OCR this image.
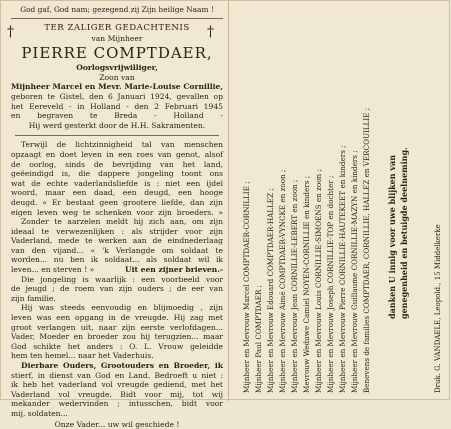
God gaf, God nam; gezegend zij Zijn heilige Naam !
†	†
TER ZALIGER GEDACHTENIS
van Mijnheer
PIERRE COMPTDAER,
Oorlogsvrijwilliger,
Zoon van
Mijnheer Marcel en Mevr. Marie-Louise Cornillie,
geboren te Gistel, den 6 Januari 1924, gevallen op
het Eereveld - in Holland - den 2 Februari 1945
en begraven te Breda - Holland -
Hij werd gesterkt door de H.H. Sakramenten.
Terwijl de lichtzinnigheid tal van menschen
opzaagt en doet leven in een roes van genot, alsof
de oorlog, sinds de bevrijding van het land,
geëeindigd is, die dappere jongeling toont ons
wat de echte vaderlandsliefde is : niet een ijdel
woord, maar een daad, een deugd, een hooge
deugd. « Er bestaat geen grootere liefde, dan zijn
eigen leven weg te schenken voor zijn broeders. »
Zonder te aarzelen meldt hij zich aan, om zijn
ideaal te verwezenlijken : als strijder voor zijn
Vaderland, mede te werken aan de eindnederlaag
van den vijand... « 'k Verlangde om soldaat te
worden... nu ben ik soldaat... als soldaat wil ik
leven... en sterven ! »	Uit een zijner brieven.-
Die jongeling is waarlijk : een voorbeeld voor
de jeugd ; de roem van zijn ouders ; de eer van
zijn familie.
Hij was steeds eenvoudig en blijmoedig , zijn
leven was een opgang in de vreugde. Hij zag met
groot verlangen uit, naar zijn eerste verlofdagen...
Vader, Moeder en broeder zou hij terugzien... maar
God schikte het anders : O. L. Vrouw geleidde
hem ten hemel... naar het Vaderhuis.
Dierbare Ouders, Grootouders en Broeder, ik
stierf, in dienst van God en Land. Bedroeft u niet :
ik heb het vaderland vol vreugde gediend, met het
Vaderland vol vreugde. Bidt voor mij, tot wij
mekander wedervinden ; intusschen, bidt voor
mij, soldaten...
Onze Vader... uw wil geschiede !
Mijnheer en Mevrouw Marcel COMPTDAER-CORNILLIE ; Mijnheer Paul COMPTDAER ; Mijnheer en Mevrouw Edouard COMPTDAER-HALLEZ ; Mijnheer en Mevrouw Aimé COMPTDAER-VYNCKE en zoon ; Mijnheer en Mevrouw Jean CORNILLIE-LEBERT en zoon ; Mevrouw Weduwe Camiel NOYEN-CORNILLIE en kinders ; Mijnheer en Mevrouw Louis CORNILLIE-SIMOENS en zoon ; Mijnheer en Mevrouw Joseph CORNILLIE-TOP en dochter ; Mijnheer en Mevrouw Pierre CORNILLIE-HAUTEKEET en kinders ; Mijnheer en Mevrouw Guillaume CORNILLIE-MAZYN en kinders ; Benevens de families COMPTDAER, CORNILLIE, HALLEZ en VERCOUILLIE ; danken U innig voor uwe blijken van genegenheid en betuigde deelneming.	Druk. G. VANDAELE, Leopold., 15 Middelkerke
